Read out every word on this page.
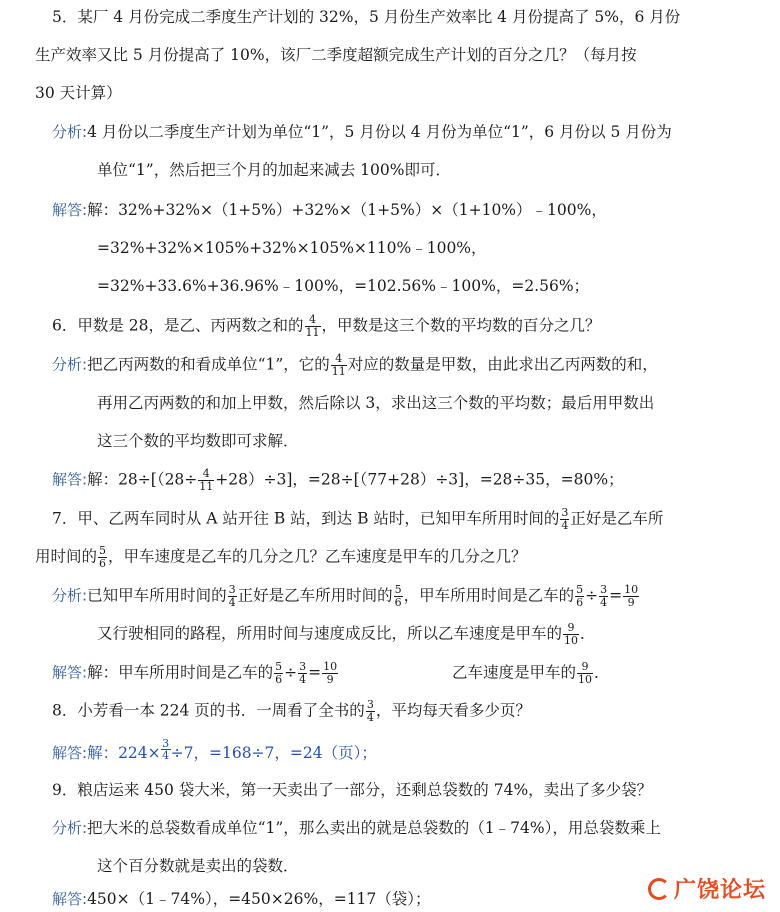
5．某厂 4 月份完成二季度生产计划的 32%，5 月份生产效率比 4 月份提高了 5%，6 月份
生产效率又比 5 月份提高了 10%，该厂二季度超额完成生产计划的百分之几？（每月按
30 天计算）
分析:4 月份以二季度生产计划为单位“1”，5 月份以 4 月份为单位“1”，6 月份以 5 月份为
单位“1”，然后把三个月的加起来减去 100%即可．
解答:解：32%+32%×（1+5%）+32%×（1+5%）×（1+10%）﹣100%，
=32%+32%×105%+32%×105%×110%﹣100%，
=32%+33.6%+36.96%﹣100%，=102.56%﹣100%，=2.56%；
6．甲数是 28，是乙、丙两数之和的 $\frac{4}{11}$ ，甲数是这三个数的平均数的百分之几？
分析:把乙丙两数的和看成单位“1”，它的 $\frac{4}{11}$ 对应的数量是甲数，由此求出乙丙两数的和，
再用乙丙两数的和加上甲数，然后除以 3，求出这三个数的平均数；最后用甲数出
这三个数的平均数即可求解．
解答:解：$28\div[(28\div \frac{4}{11} +28)\div 3]$，=28÷[（77+28）÷3]，=28÷35，=80%；
7．甲、乙两车同时从 A 站开往 B 站，到达 B 站时，已知甲车所用时间的 $\frac{3}{4}$ 正好是乙车所
用时间的 $\frac{5}{6}$ ，甲车速度是乙车的几分之几？乙车速度是甲车的几分之几？
分析:已知甲车所用时间的 $\frac{3}{4}$ 正好是乙车所用时间的 $\frac{5}{6}$ ，甲车所用时间是乙车的 $\frac{5}{6} \div \frac{3}{4} = \frac{10}{9}$
又行驶相同的路程，所用时间与速度成反比，所以乙车速度是甲车的 $\frac{9}{10}$ ．
解答:解：甲车所用时间是乙车的 $\frac{5}{6} \div \frac{3}{4} = \frac{10}{9}$	乙车速度是甲车的 $\frac{9}{10}$ ．
8．小芳看一本 224 页的书．一周看了全书的 $\frac{3}{4}$ ，平均每天看多少页？
解答:解：$224\times \frac{3}{4} \div 7$，=168÷7，=24（页）；
9．粮店运来 450 袋大米，第一天卖出了一部分，还剩总袋数的 74%，卖出了多少袋？
分析:把大米的总袋数看成单位“1”，那么卖出的就是总袋数的（1﹣74%），用总袋数乘上
这个百分数就是卖出的袋数．
解答:450×（1﹣74%），=450×26%，=117（袋）；	广饶论坛
